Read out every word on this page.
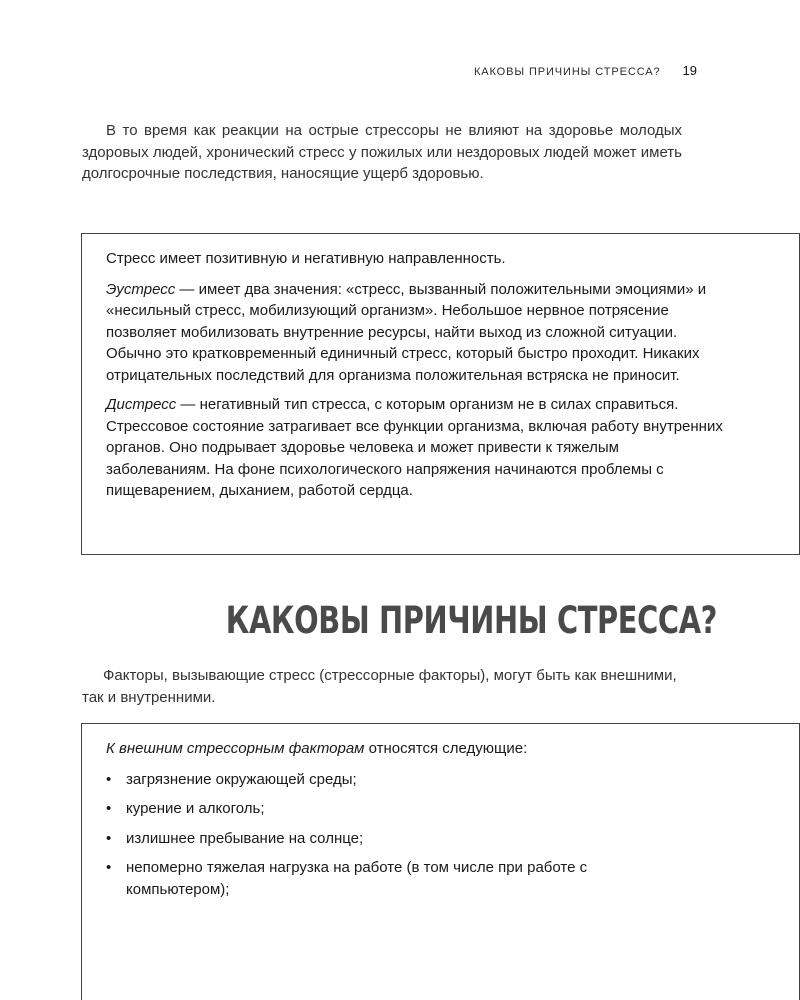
КАКОВЫ ПРИЧИНЫ СТРЕССА? 19

В то время как реакции на острые стрессоры не влияют на здоровье молодых здоровых людей, хронический стресс у пожилых или нездоровых людей может иметь долгосрочные последствия, наносящие ущерб здоровью.

Стресс имеет позитивную и негативную направленность.

Эустресс — имеет два значения: «стресс, вызванный положительными эмоциями» и «несильный стресс, мобилизующий организм». Небольшое нервное потрясение позволяет мобилизовать внутренние ресурсы, найти выход из сложной ситуации. Обычно это кратковременный единичный стресс, который быстро проходит. Никаких отрицательных последствий для организма положительная встряска не приносит.

Дистресс — негативный тип стресса, с которым организм не в силах справиться. Стрессовое состояние затрагивает все функции организма, включая работу внутренних органов. Оно подрывает здоровье человека и может привести к тяжелым заболеваниям. На фоне психологического напряжения начинаются проблемы с пищеварением, дыханием, работой сердца.

КАКОВЫ ПРИЧИНЫ СТРЕССА?

Факторы, вызывающие стресс (стрессорные факторы), могут быть как внешними, так и внутренними.

К внешним стрессорным факторам относятся следующие:

• загрязнение окружающей среды;
• курение и алкоголь;
• излишнее пребывание на солнце;
• непомерно тяжелая нагрузка на работе (в том числе при работе с компьютером);
